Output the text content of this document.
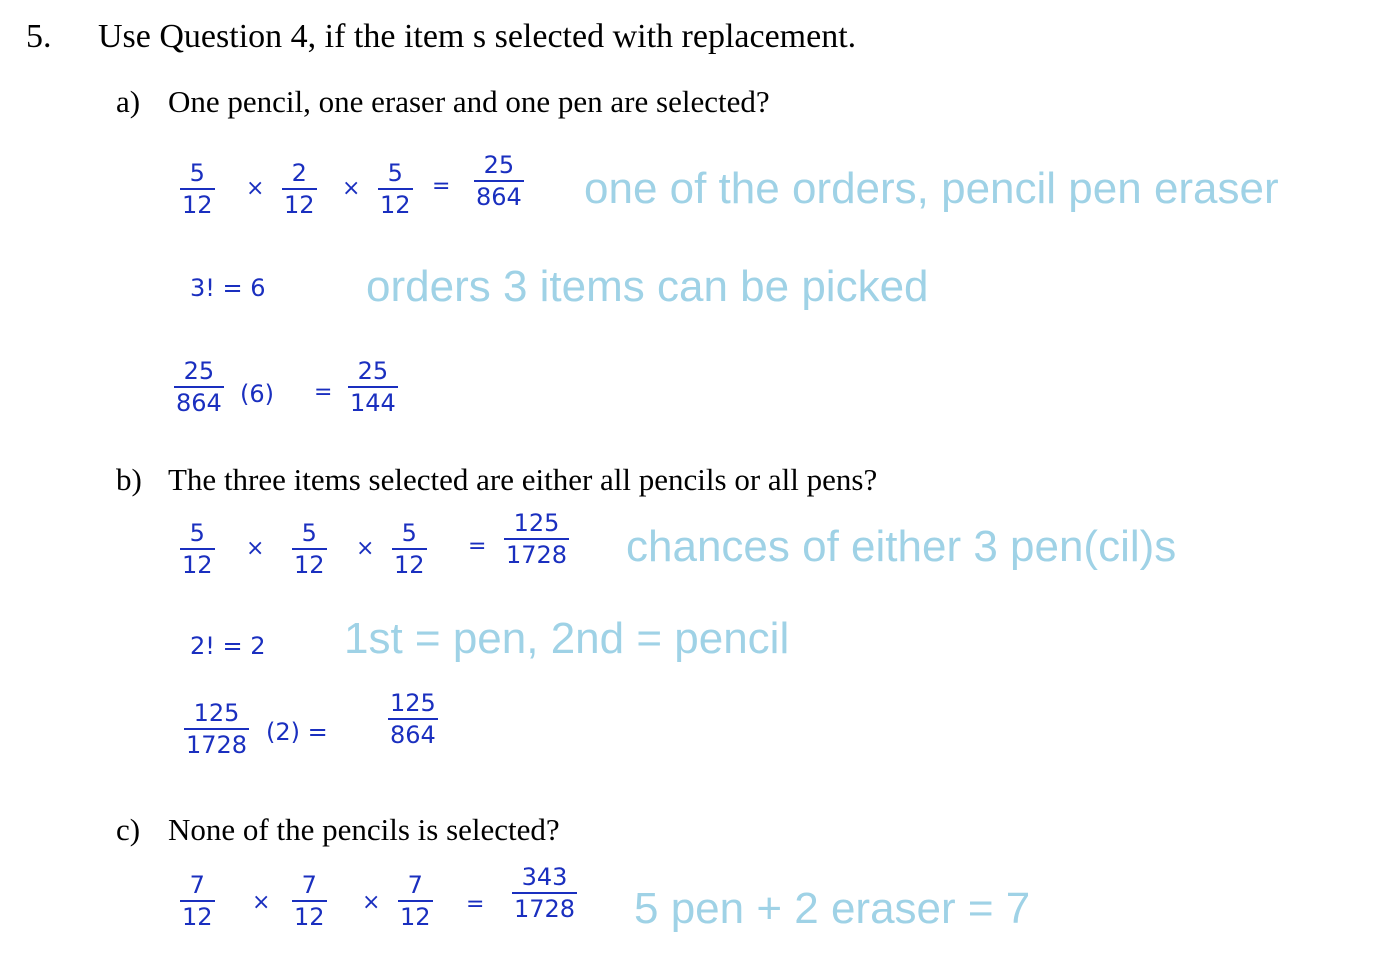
5. Use Question 4, if the item s selected with replacement.
a) One pencil, one eraser and one pen are selected?
5
12
×
2
12
×
5
12
=
25
864 one of the orders, pencil pen eraser
3! = 6 orders 3 items can be picked
25
864 (6) =
25
144
b) The three items selected are either all pencils or all pens?
5
12
×
5
12
×
5
12
=
125
1728 chances of either 3 pen(cil)s
2! = 2 1st = pen, 2nd = pencil
125
1728 (2) =
125
864
c) None of the pencils is selected?
7
12
×
7
12
×
7
12 =
343
1728 5 pen + 2 eraser = 7
